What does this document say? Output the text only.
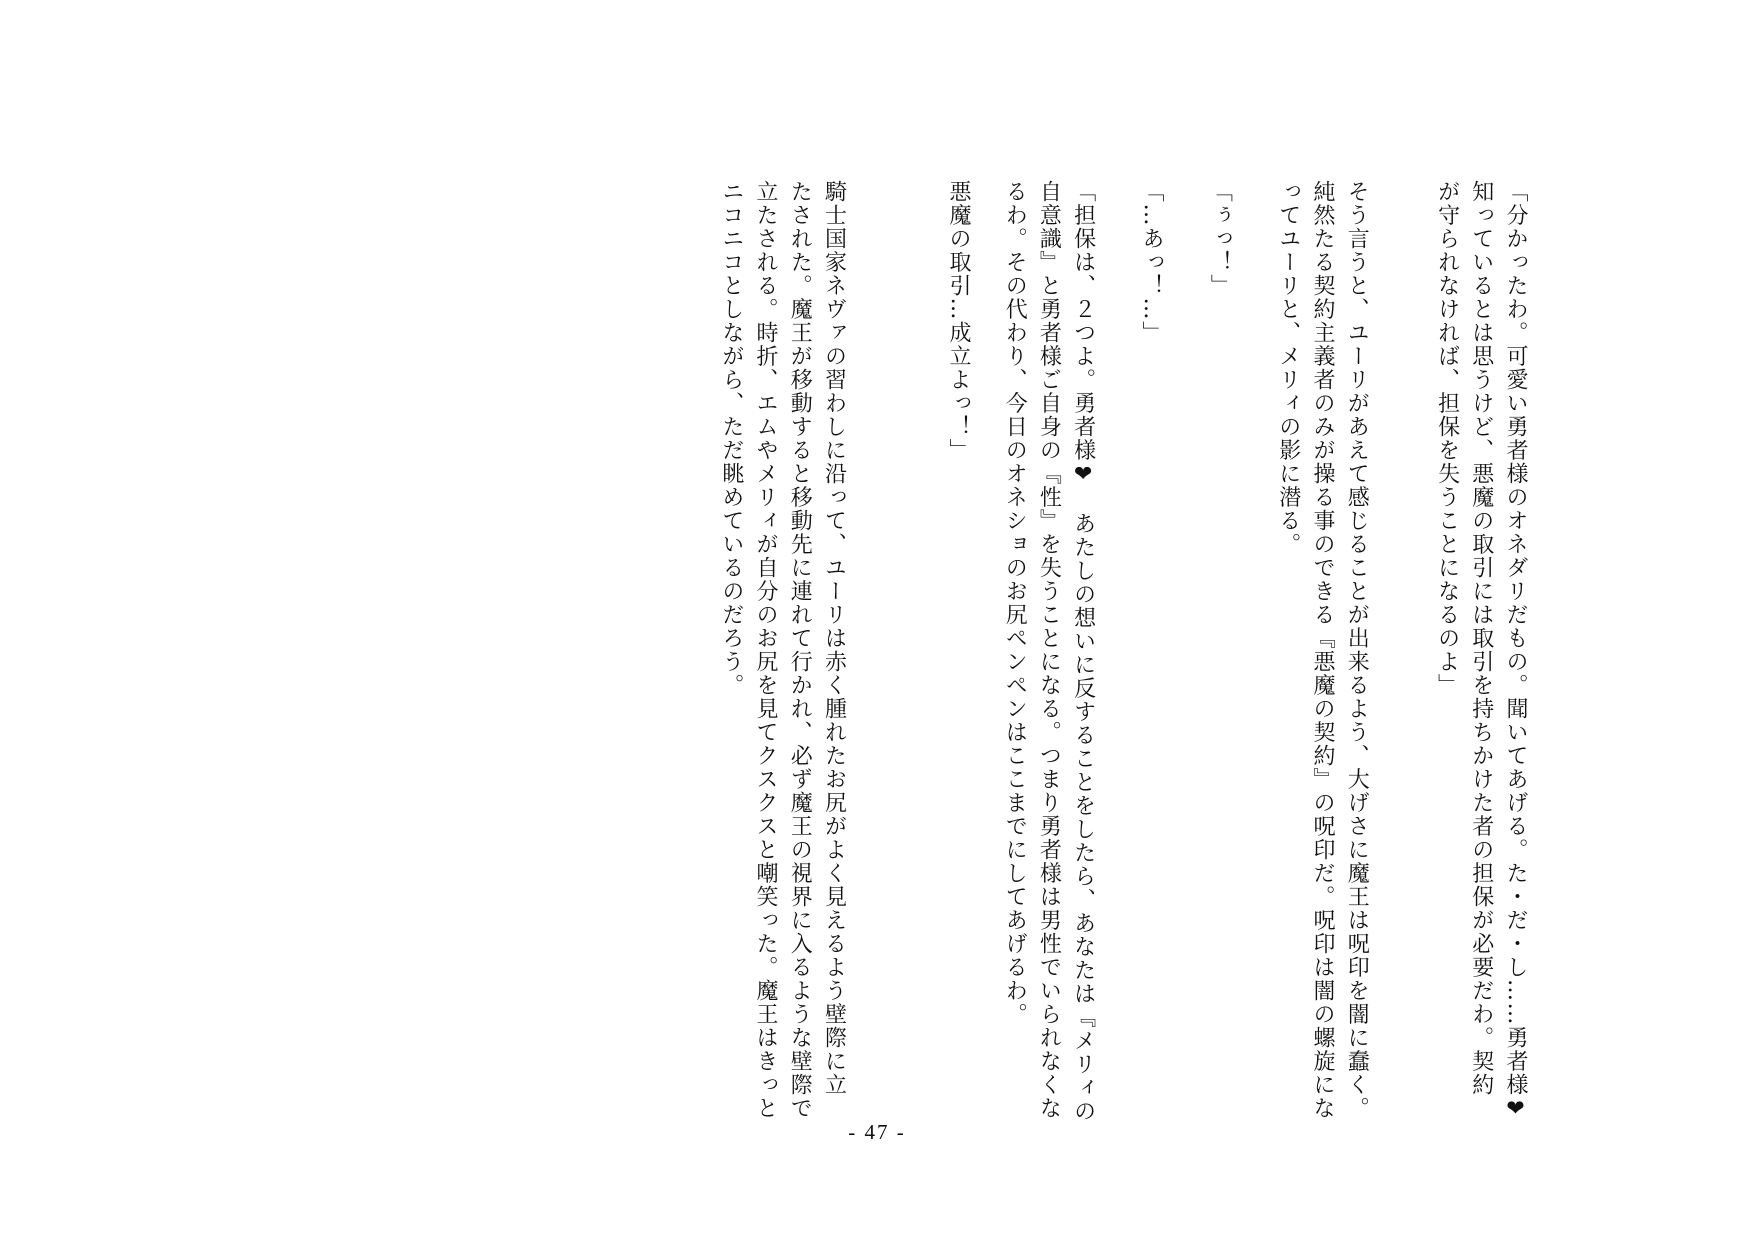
「分かったわ。可愛い勇者様のオネダリだもの。聞いてあげる。た・だ・し……勇者様❤
知っているとは思うけど、悪魔の取引には取引を持ちかけた者の担保が必要だわ。契約
が守られなければ、担保を失うことになるのよ」
そう言うと、ユーリがあえて感じることが出来るよう、大げさに魔王は呪印を闇に蠢く。
純然たる契約主義者のみが操る事のできる『悪魔の契約』の呪印だ。呪印は闇の螺旋にな
ってユーリと、メリィの影に潜る。
「ぅっ！」
「…あっ！…」
「担保は、２つよ。勇者様❤　あたしの想いに反することをしたら、あなたは『メリィの
自意識』と勇者様ご自身の『性』を失うことになる。つまり勇者様は男性でいられなくな
るわ。その代わり、今日のオネショのお尻ペンペンはここまでにしてあげるわ。
悪魔の取引…成立よっ！」
騎士国家ネヴァの習わしに沿って、ユーリは赤く腫れたお尻がよく見えるよう壁際に立
たされた。魔王が移動すると移動先に連れて行かれ、必ず魔王の視界に入るような壁際で
立たされる。時折、エムやメリィが自分のお尻を見てクスクスと嘲笑った。魔王はきっと
ニコニコとしながら、ただ眺めているのだろう。
- 47 -
